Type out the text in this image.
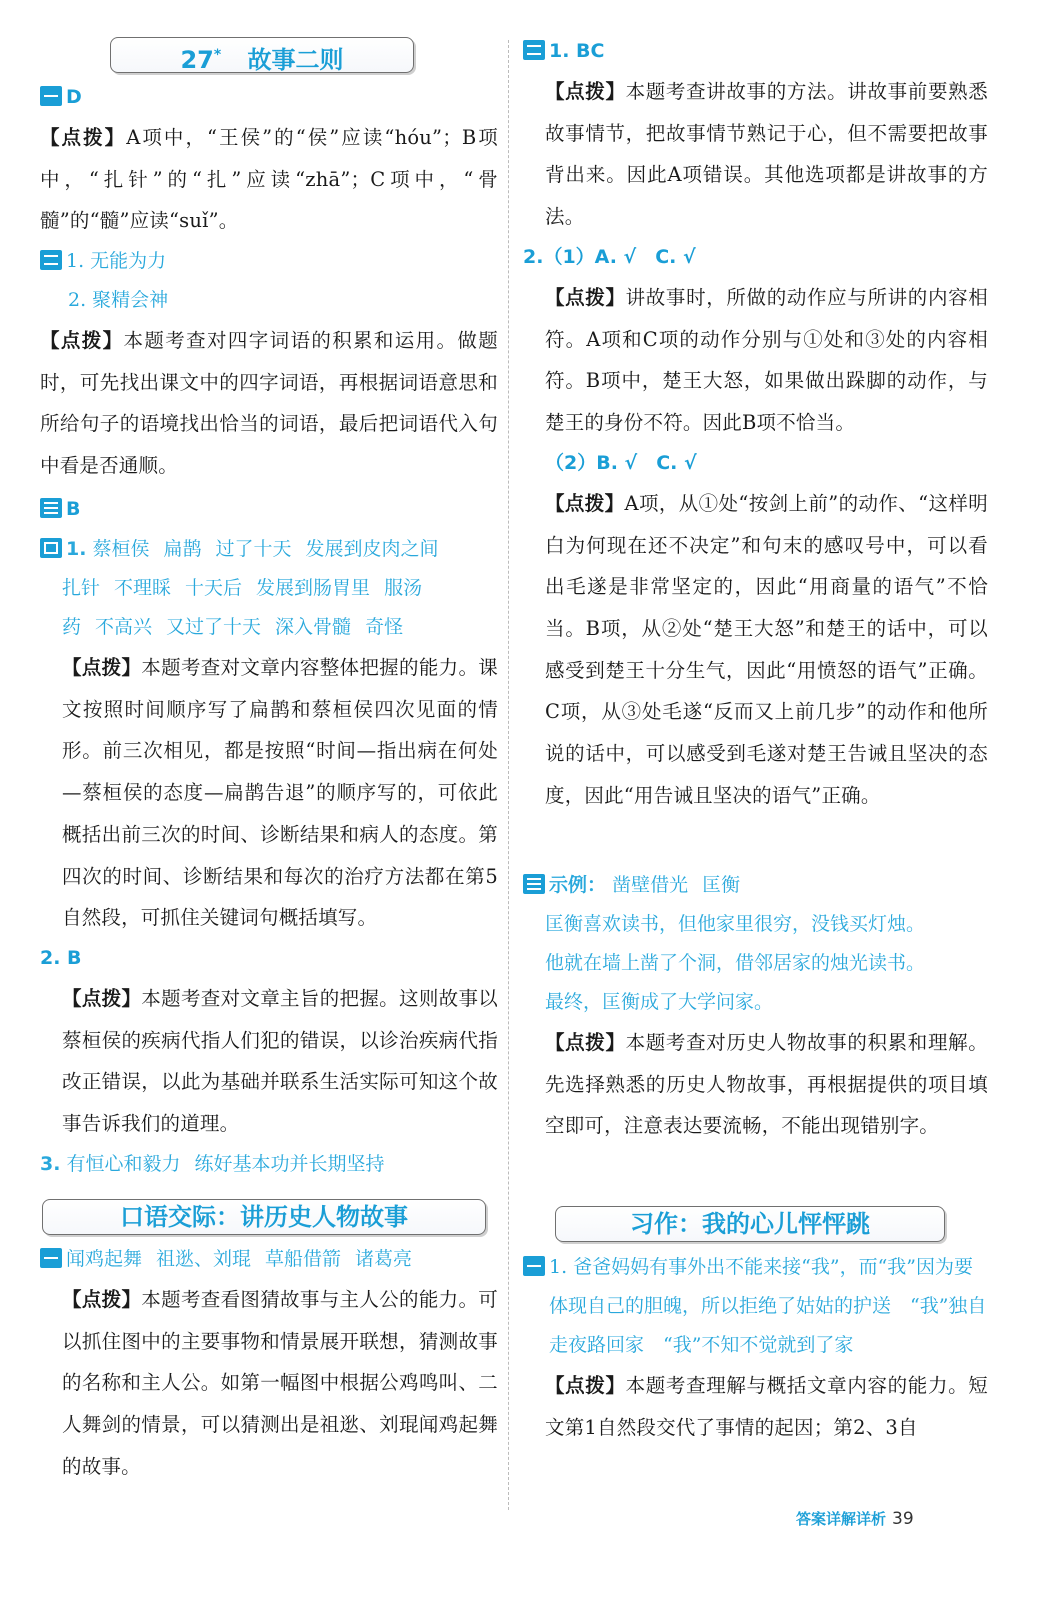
27* 故事二则
D

【点拨】A项中，“王侯”的“侯”应读“hóu”；B项中，“扎针”的“扎”应读“zhā”；C项中，“骨髓”的“髓”应读“suǐ”。

1. 无能为力
2. 聚精会神

【点拨】本题考查对四字词语的积累和运用。做题时，可先找出课文中的四字词语，再根据词语意思和所给句子的语境找出恰当的词语，最后把词语代入句中看是否通顺。

B
1. 蔡桓侯 扁鹊 过了十天 发展到皮肉之间
扎针 不理睬 十天后 发展到肠胃里 服汤
药 不高兴 又过了十天 深入骨髓 奇怪

【点拨】本题考查对文章内容整体把握的能力。课文按照时间顺序写了扁鹊和蔡桓侯四次见面的情形。前三次相见，都是按照“时间—指出病在何处—蔡桓侯的态度—扁鹊告退”的顺序写的，可依此概括出前三次的时间、诊断结果和病人的态度。第四次的时间、诊断结果和每次的治疗方法都在第5自然段，可抓住关键词句概括填写。

2. B

【点拨】本题考查对文章主旨的把握。这则故事以蔡桓侯的疾病代指人们犯的错误，以诊治疾病代指改正错误，以此为基础并联系生活实际可知这个故事告诉我们的道理。

3. 有恒心和毅力 练好基本功并长期坚持
口语交际：讲历史人物故事
闻鸡起舞 祖逖、刘琨 草船借箭 诸葛亮

【点拨】本题考查看图猜故事与主人公的能力。可以抓住图中的主要事物和情景展开联想，猜测故事的名称和主人公。如第一幅图中根据公鸡鸣叫、二人舞剑的情景，可以猜测出是祖逖、刘琨闻鸡起舞的故事。

1. BC

【点拨】本题考查讲故事的方法。讲故事前要熟悉故事情节，把故事情节熟记于心，但不需要把故事背出来。因此A项错误。其他选项都是讲故事的方法。

2.（1）A. √　C. √

【点拨】讲故事时，所做的动作应与所讲的内容相符。A项和C项的动作分别与①处和③处的内容相符。B项中，楚王大怒，如果做出跺脚的动作，与楚王的身份不符。因此B项不恰当。

（2）B. √　C. √

【点拨】A项，从①处“按剑上前”的动作、“这样明白为何现在还不决定”和句末的感叹号中，可以看出毛遂是非常坚定的，因此“用商量的语气”不恰当。B项，从②处“楚王大怒”和楚王的话中，可以感受到楚王十分生气，因此“用愤怒的语气”正确。C项，从③处毛遂“反而又上前几步”的动作和他所说的话中，可以感受到毛遂对楚王告诫且坚决的态度，因此“用告诫且坚决的语气”正确。

示例： 凿壁借光 匡衡
匡衡喜欢读书，但他家里很穷，没钱买灯烛。
他就在墙上凿了个洞，借邻居家的烛光读书。
最终，匡衡成了大学问家。

【点拨】本题考查对历史人物故事的积累和理解。先选择熟悉的历史人物故事，再根据提供的项目填空即可，注意表达要流畅，不能出现错别字。

习作：我的心儿怦怦跳
1. 爸爸妈妈有事外出不能来接“我”，而“我”因为要体现自己的胆魄，所以拒绝了姑姑的护送　“我”独自走夜路回家　“我”不知不觉就到了家

【点拨】本题考查理解与概括文章内容的能力。短文第1自然段交代了事情的起因；第2、3自

答案详解详析 39
